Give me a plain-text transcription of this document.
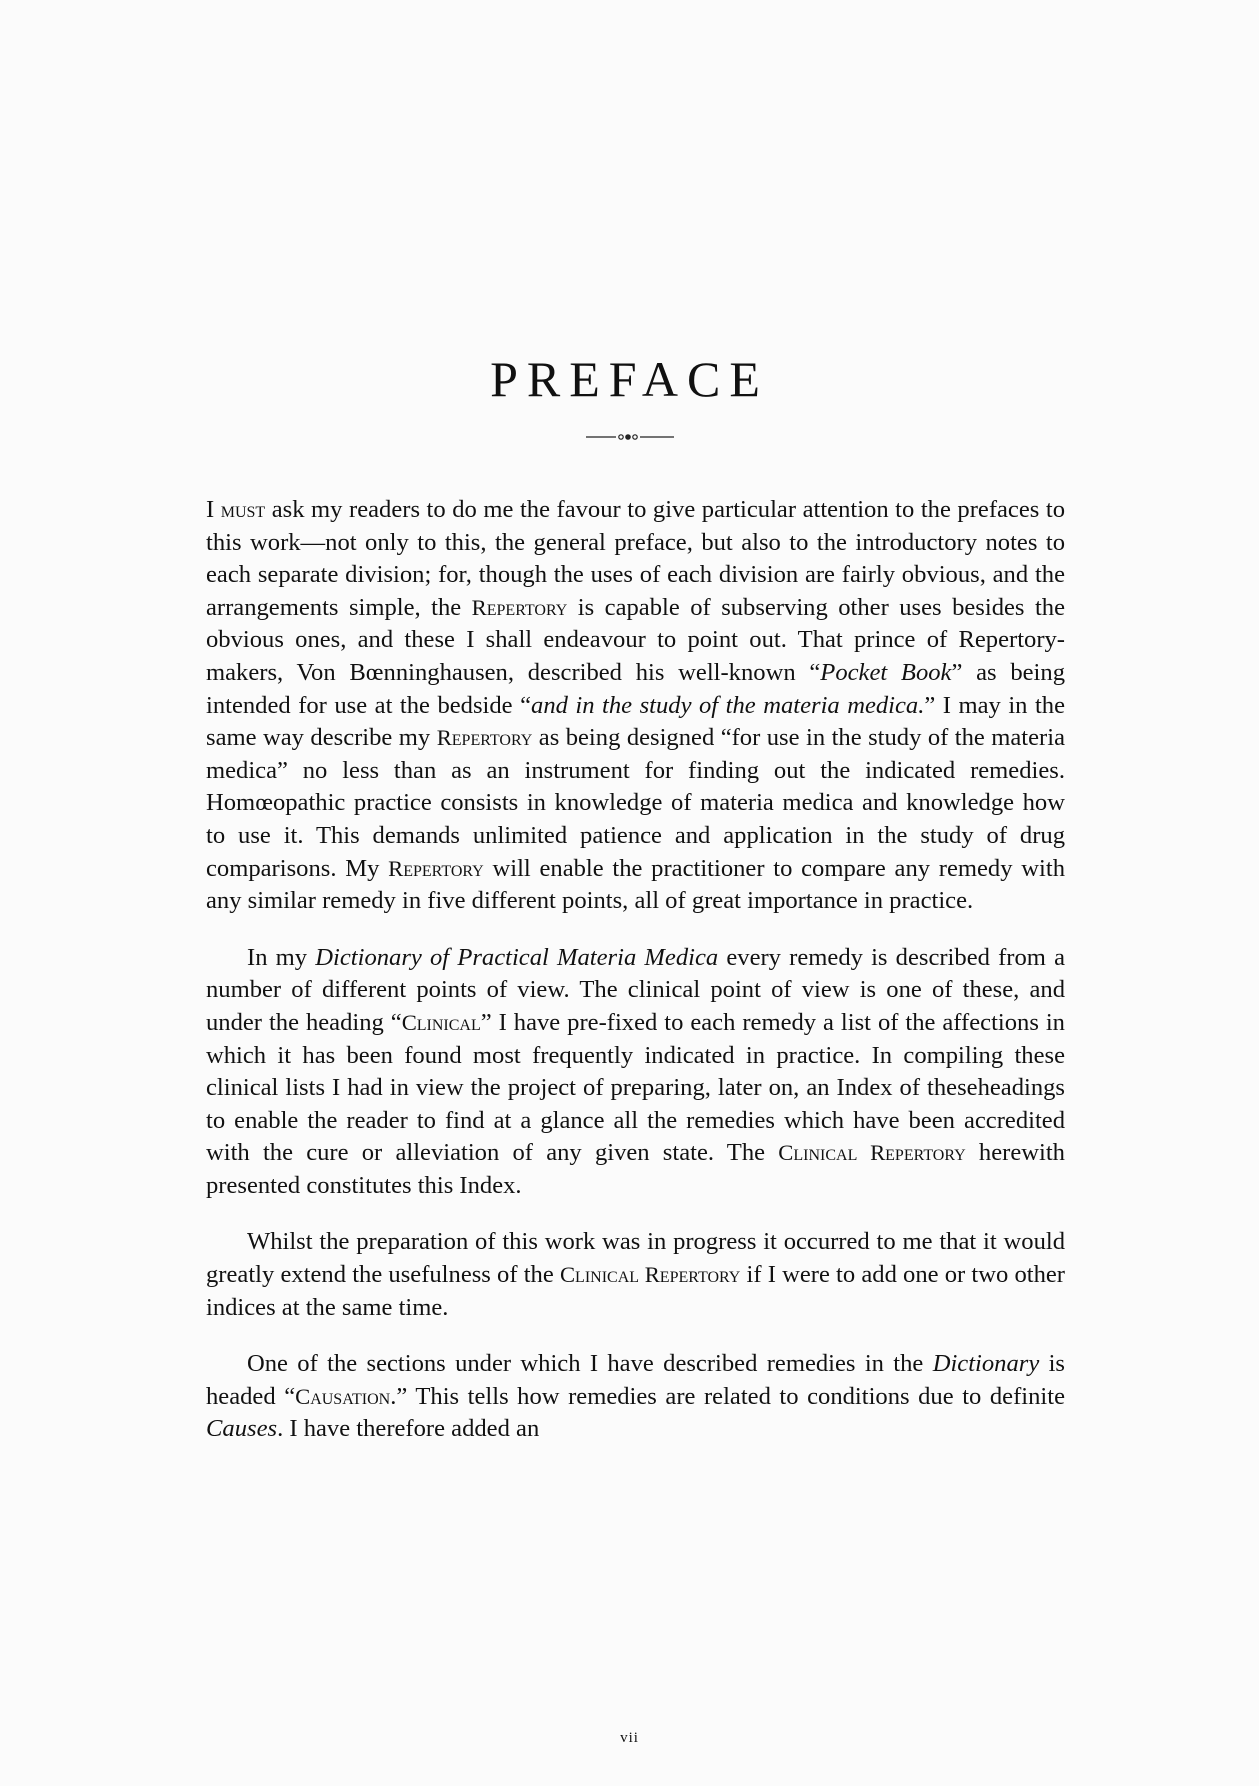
PREFACE

I must ask my readers to do me the favour to give particular attention to the prefaces to this work—not only to this, the general preface, but also to the introductory notes to each separate division; for, though the uses of each division are fairly obvious, and the arrangements simple, the Repertory is capable of subserving other uses besides the obvious ones, and these I shall endeavour to point out. That prince of Repertory-makers, Von Bœnninghausen, described his well-known “Pocket Book” as being intended for use at the bedside “and in the study of the materia medica.” I may in the same way describe my Repertory as being designed “for use in the study of the materia medica” no less than as an instrument for finding out the indicated remedies. Homœopathic practice consists in knowledge of materia medica and knowledge how to use it. This demands unlimited patience and application in the study of drug comparisons. My Repertory will enable the practitioner to compare any remedy with any similar remedy in five different points, all of great importance in practice.

In my Dictionary of Practical Materia Medica every remedy is described from a number of different points of view. The clinical point of view is one of these, and under the heading “Clinical” I have pre-fixed to each remedy a list of the affections in which it has been found most frequently indicated in practice. In compiling these clinical lists I had in view the project of preparing, later on, an Index of theseheadings to enable the reader to find at a glance all the remedies which have been accredited with the cure or alleviation of any given state. The Clinical Repertory herewith presented constitutes this Index.

Whilst the preparation of this work was in progress it occurred to me that it would greatly extend the usefulness of the Clinical Repertory if I were to add one or two other indices at the same time.

One of the sections under which I have described remedies in the Dictionary is headed “Causation.” This tells how remedies are related to conditions due to definite Causes. I have therefore added an

vii
